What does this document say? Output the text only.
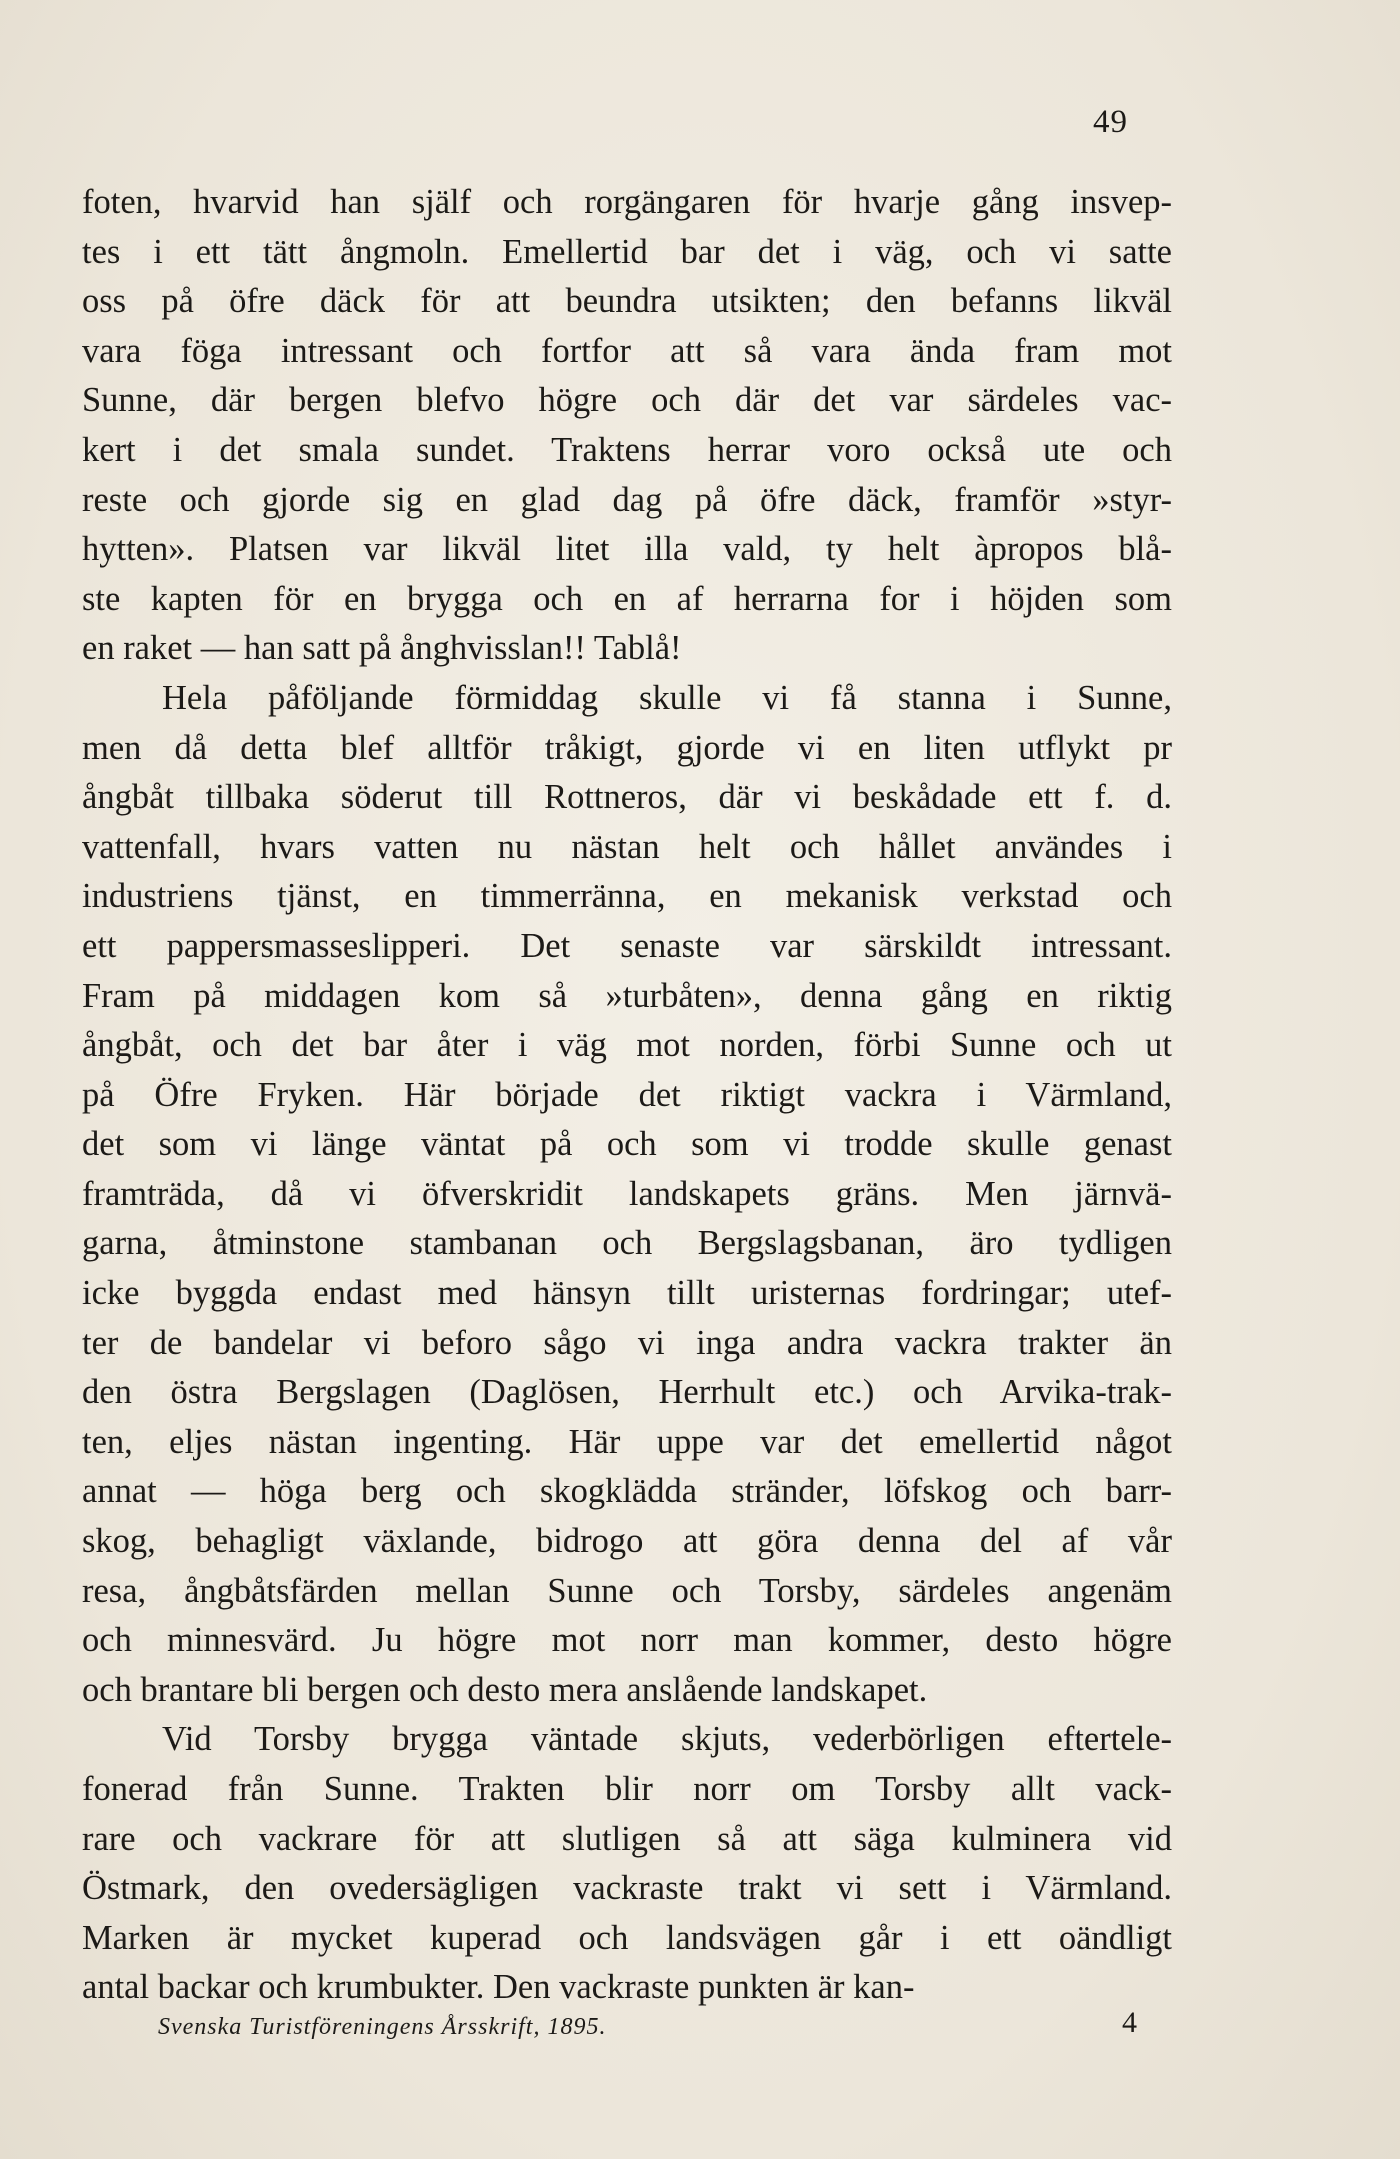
49
foten, hvarvid han själf och rorgängaren för hvarje gång insvep-
tes i ett tätt ångmoln. Emellertid bar det i väg, och vi satte
oss på öfre däck för att beundra utsikten; den befanns likväl
vara föga intressant och fortfor att så vara ända fram mot
Sunne, där bergen blefvo högre och där det var särdeles vac-
kert i det smala sundet. Traktens herrar voro också ute och
reste och gjorde sig en glad dag på öfre däck, framför »styr-
hytten». Platsen var likväl litet illa vald, ty helt àpropos blå-
ste kapten för en brygga och en af herrarna for i höjden som
en raket — han satt på ånghvisslan!! Tablå!
Hela påföljande förmiddag skulle vi få stanna i Sunne,
men då detta blef alltför tråkigt, gjorde vi en liten utflykt pr
ångbåt tillbaka söderut till Rottneros, där vi beskådade ett f. d.
vattenfall, hvars vatten nu nästan helt och hållet användes i
industriens tjänst, en timmerränna, en mekanisk verkstad och
ett pappersmasseslipperi. Det senaste var särskildt intressant.
Fram på middagen kom så »turbåten», denna gång en riktig
ångbåt, och det bar åter i väg mot norden, förbi Sunne och ut
på Öfre Fryken. Här började det riktigt vackra i Värmland,
det som vi länge väntat på och som vi trodde skulle genast
framträda, då vi öfverskridit landskapets gräns. Men järnvä-
garna, åtminstone stambanan och Bergslagsbanan, äro tydligen
icke byggda endast med hänsyn tillt uristernas fordringar; utef-
ter de bandelar vi beforo sågo vi inga andra vackra trakter än
den östra Bergslagen (Daglösen, Herrhult etc.) och Arvika-trak-
ten, eljes nästan ingenting. Här uppe var det emellertid något
annat — höga berg och skogklädda stränder, löfskog och barr-
skog, behagligt växlande, bidrogo att göra denna del af vår
resa, ångbåtsfärden mellan Sunne och Torsby, särdeles angenäm
och minnesvärd. Ju högre mot norr man kommer, desto högre
och brantare bli bergen och desto mera anslående landskapet.
Vid Torsby brygga väntade skjuts, vederbörligen eftertele-
fonerad från Sunne. Trakten blir norr om Torsby allt vack-
rare och vackrare för att slutligen så att säga kulminera vid
Östmark, den ovedersägligen vackraste trakt vi sett i Värmland.
Marken är mycket kuperad och landsvägen går i ett oändligt
antal backar och krumbukter. Den vackraste punkten är kan-
Svenska Turistföreningens Årsskrift, 1895.	4
